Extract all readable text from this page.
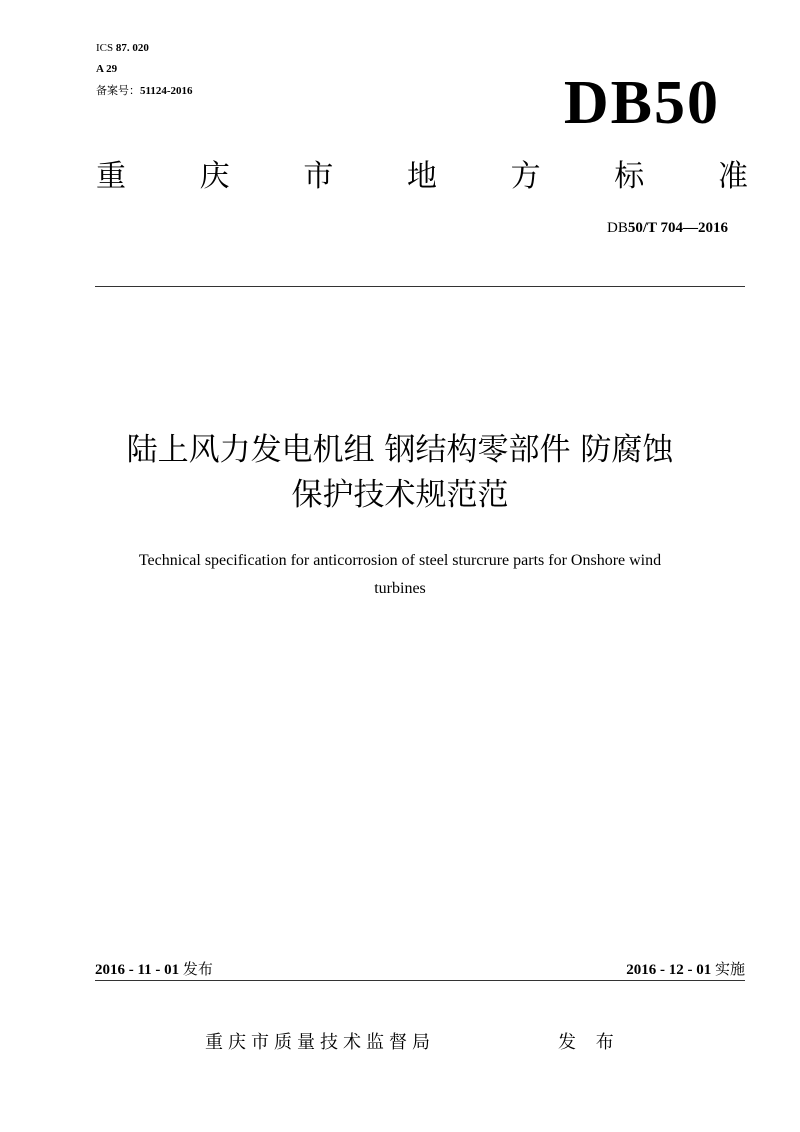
ICS 87. 020
A 29
备案号：51124-2016	DB50
重 庆 市 地 方 标 准
DB50/T 704—2016
陆上风力发电机组 钢结构零部件 防腐蚀
保护技术规范范
Technical specification for anticorrosion of steel sturcrure parts for Onshore wind
turbines
2016 - 11 - 01 发布	2016 - 12 - 01 实施
重庆市质量技术监督局	发 布
